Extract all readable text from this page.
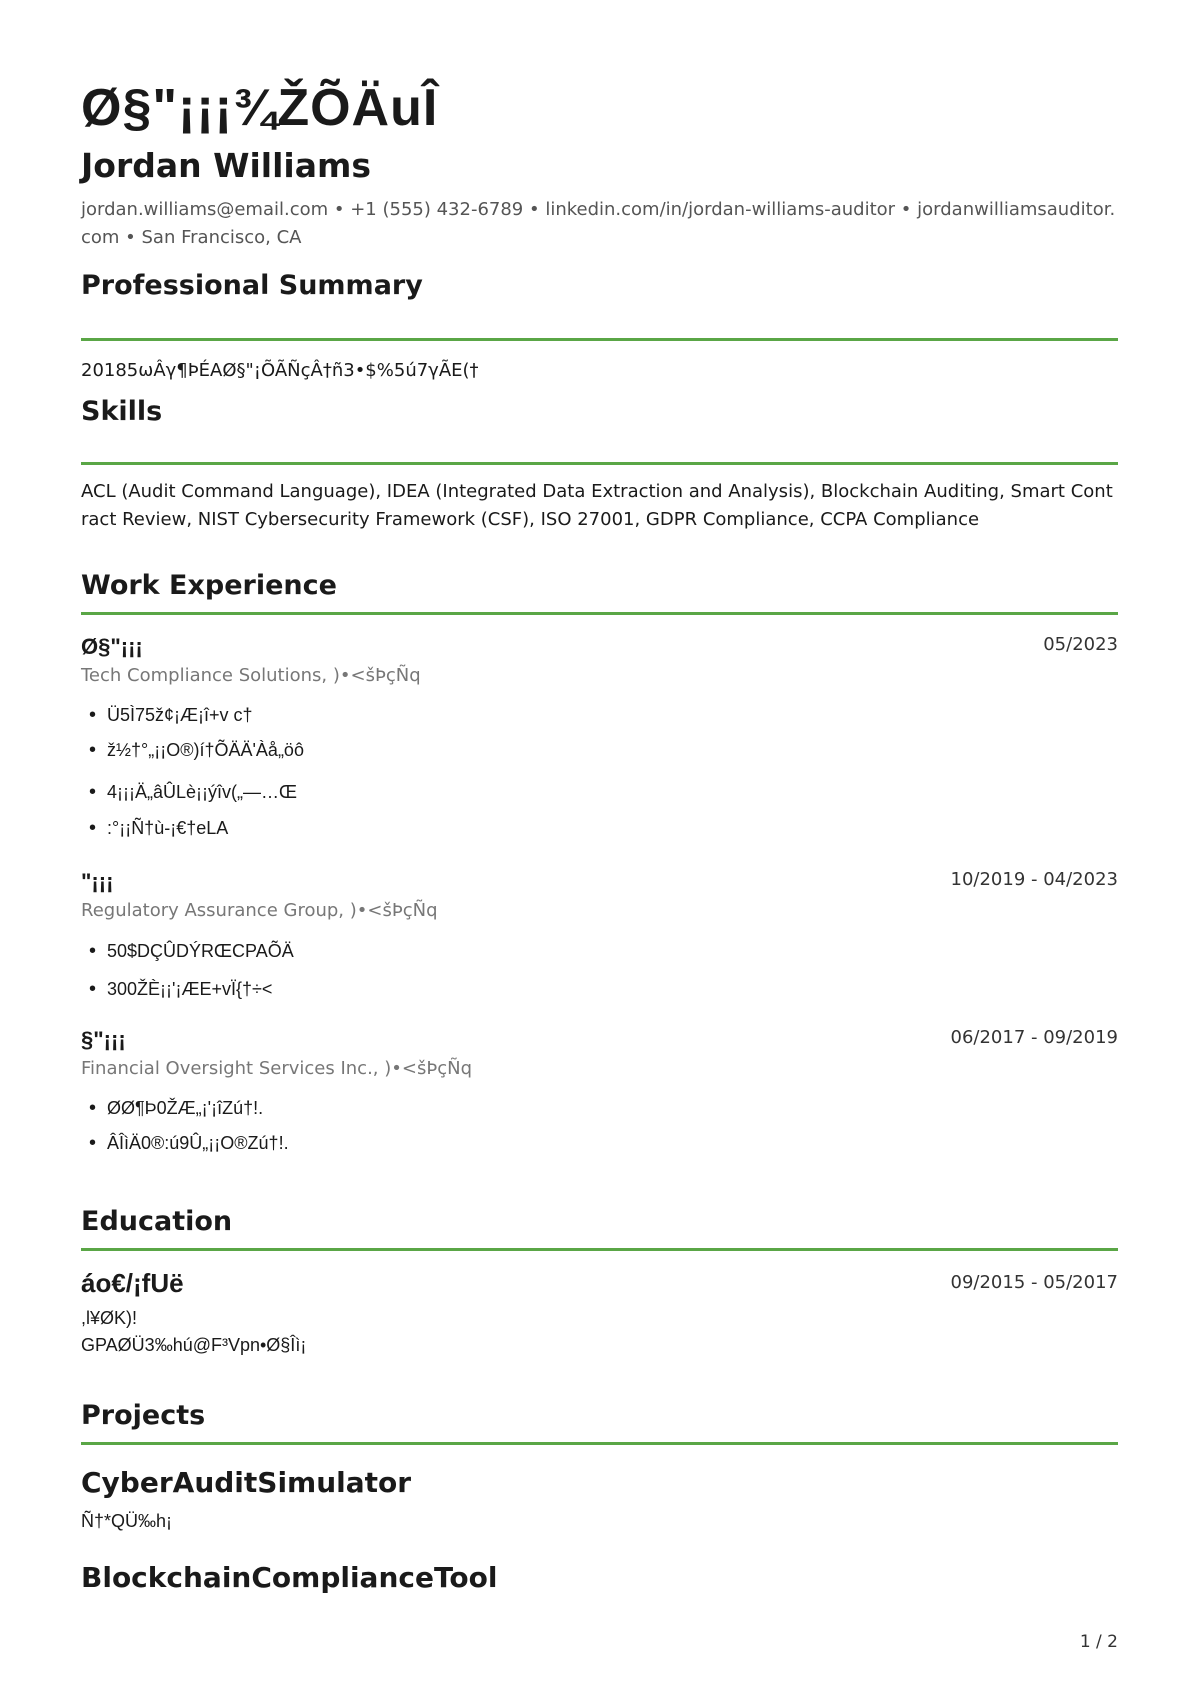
Ø§"¡¡¡¾ŽÕÄuÎ
Jordan Williams
jordan.williams@email.com • +1 (555) 432-6789 • linkedin.com/in/jordan-williams-auditor • jordanwilliamsauditor.com • San Francisco, CA
Professional Summary
20185ωÂγ¶ÞÉAØ§"¡ÕÃÑçÂ†ñ3•$%5ú7γÃE(†
Skills
ACL (Audit Command Language), IDEA (Integrated Data Extraction and Analysis), Blockchain Auditing, Smart Contract Review, NIST Cybersecurity Framework (CSF), ISO 27001, GDPR Compliance, CCPA Compliance
Work Experience
Ø§"¡¡¡	05/2023
Tech Compliance Solutions, )•<šÞçÑq
• Ü5Ì75ž¢¡Æ¡î+v c†
• ž½†°„¡¡O®)í†ÕÄÄ'Àå„öô
• 4¡¡¡Ä„âÛLè¡¡ýîv(„—…Œ
• :°¡¡Ñ†ù-¡€†eLA
"¡¡¡	10/2019 - 04/2023
Regulatory Assurance Group, )•<šÞçÑq
• 50$DÇÛDÝRŒCPAÕÄ
• 300ŽÈ¡¡'¡ÆE+vÏ{†÷<
§"¡¡¡	06/2017 - 09/2019
Financial Oversight Services Inc., )•<šÞçÑq
• ØØ¶Þ0ŽÆ„¡'¡îZú†!.
• ÂÎìÄ0®:ú9Û„¡¡O®Zú†!.
Education
áo€/¡fUë	09/2015 - 05/2017
,l¥ØK)!
GPAØÜ3‰hú@F³Vpn•Ø§Îì¡
Projects
CyberAuditSimulator
Ñ†*QÜ‰h¡
BlockchainComplianceTool
1 / 2
